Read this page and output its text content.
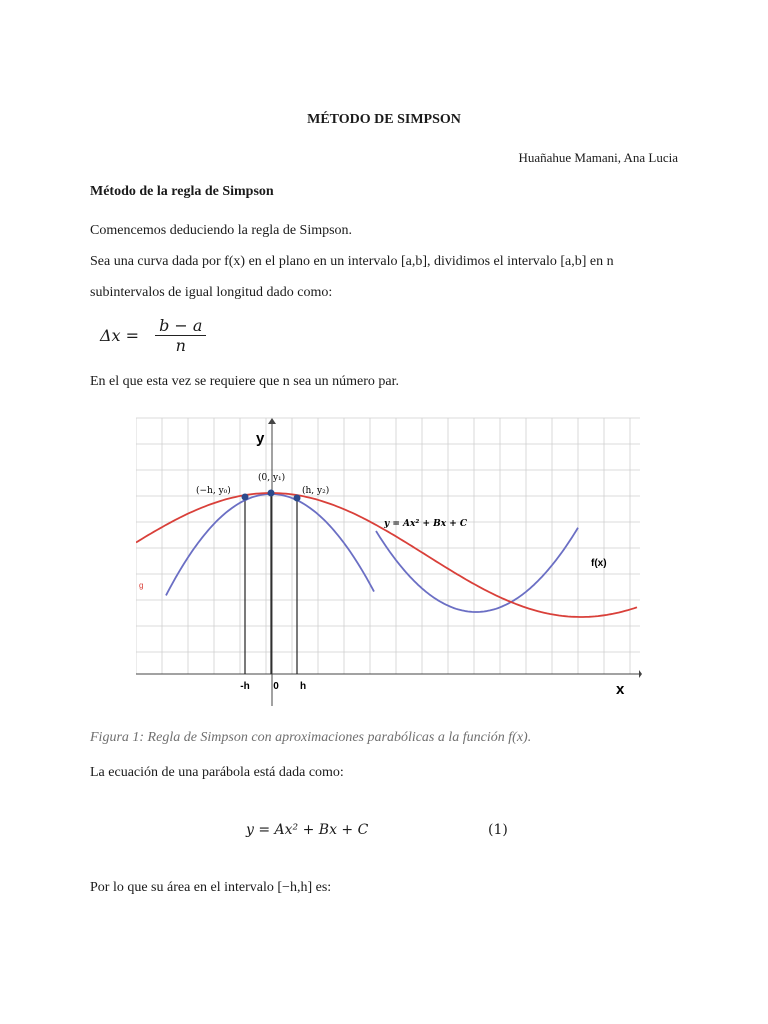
MÉTODO DE SIMPSON
Huañahue Mamani, Ana Lucia
Método de la regla de Simpson
Comencemos deduciendo la regla de Simpson.
Sea una curva dada por f(x) en el plano en un intervalo [a,b], dividimos el intervalo [a,b] en n
subintervalos de igual longitud dado como:
$\Delta x = \frac{b - a}{n}$
En el que esta vez se requiere que n sea un número par.
y
x
-h 0 h
(−h, y₀)
(0, y₁)
(h, y₂)
y = Ax² + Bx + C
f(x)
g
Figura 1: Regla de Simpson con aproximaciones parabólicas a la función f(x).
La ecuación de una parábola está dada como:
y = Ax² + Bx + C	(1)
Por lo que su área en el intervalo [−h,h] es:
